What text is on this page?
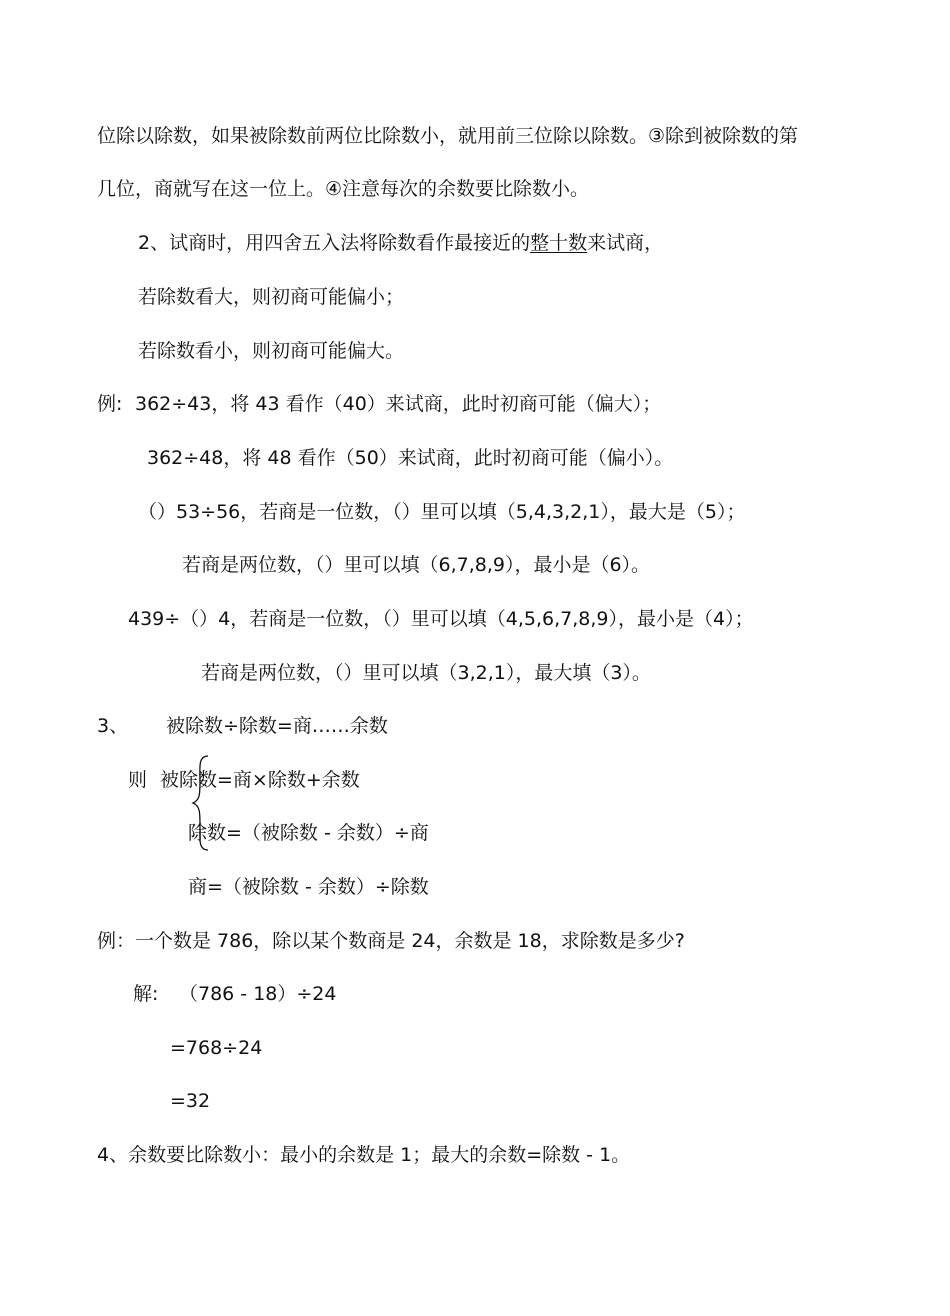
位除以除数，如果被除数前两位比除数小，就用前三位除以除数。③除到被除数的第
几位，商就写在这一位上。④注意每次的余数要比除数小。
2、试商时，用四舍五入法将除数看作最接近的整十数来试商，
若除数看大，则初商可能偏小；
若除数看小，则初商可能偏大。
例: 362÷43，将 43 看作（40）来试商，此时初商可能（偏大）；
362÷48，将 48 看作（50）来试商，此时初商可能（偏小）。
（）53÷56，若商是一位数，（）里可以填（5,4,3,2,1），最大是（5）；
若商是两位数，（）里可以填（6,7,8,9），最小是（6）。
439÷（）4，若商是一位数，（）里可以填（4,5,6,7,8,9），最小是（4）；
若商是两位数，（）里可以填（3,2,1），最大填（3）。
3、 被除数÷除数=商……余数
则 被除数=商×除数+余数
除数=（被除数 - 余数）÷商
商=（被除数 - 余数）÷除数
例：一个数是 786，除以某个数商是 24，余数是 18，求除数是多少?
解: （786 - 18）÷24
=768÷24
=32
4、余数要比除数小：最小的余数是 1；最大的余数=除数 - 1。
